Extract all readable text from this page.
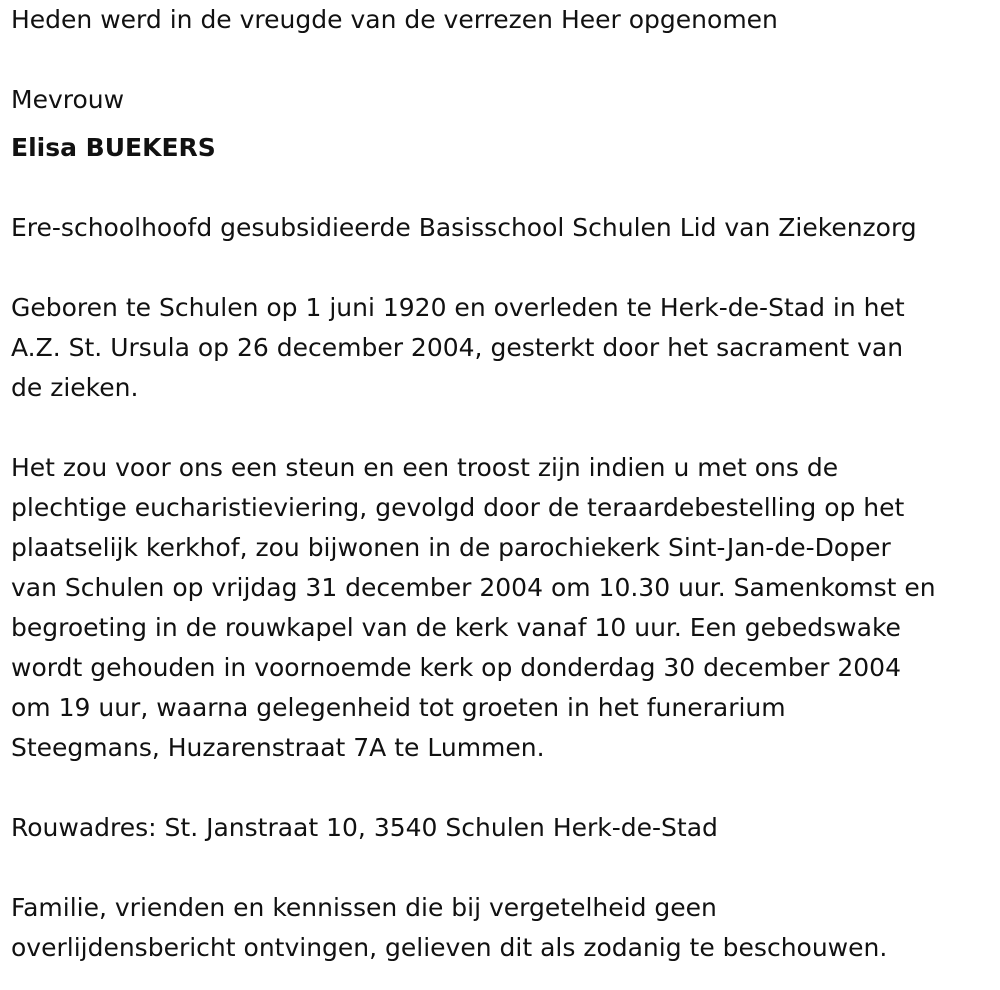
Heden werd in de vreugde van de verrezen Heer opgenomen

Mevrouw

Elisa BUEKERS

Ere-schoolhoofd gesubsidieerde Basisschool Schulen Lid van Ziekenzorg

Geboren te Schulen op 1 juni 1920 en overleden te Herk-de-Stad in het

A.Z. St. Ursula op 26 december 2004, gesterkt door het sacrament van

de zieken.

Het zou voor ons een steun en een troost zijn indien u met ons de

plechtige eucharistieviering, gevolgd door de teraardebestelling op het

plaatselijk kerkhof, zou bijwonen in de parochiekerk Sint-Jan-de-Doper

van Schulen op vrijdag 31 december 2004 om 10.30 uur. Samenkomst en

begroeting in de rouwkapel van de kerk vanaf 10 uur. Een gebedswake

wordt gehouden in voornoemde kerk op donderdag 30 december 2004

om 19 uur, waarna gelegenheid tot groeten in het funerarium

Steegmans, Huzarenstraat 7A te Lummen.

Rouwadres: St. Janstraat 10, 3540 Schulen Herk-de-Stad

Familie, vrienden en kennissen die bij vergetelheid geen

overlijdensbericht ontvingen, gelieven dit als zodanig te beschouwen.
